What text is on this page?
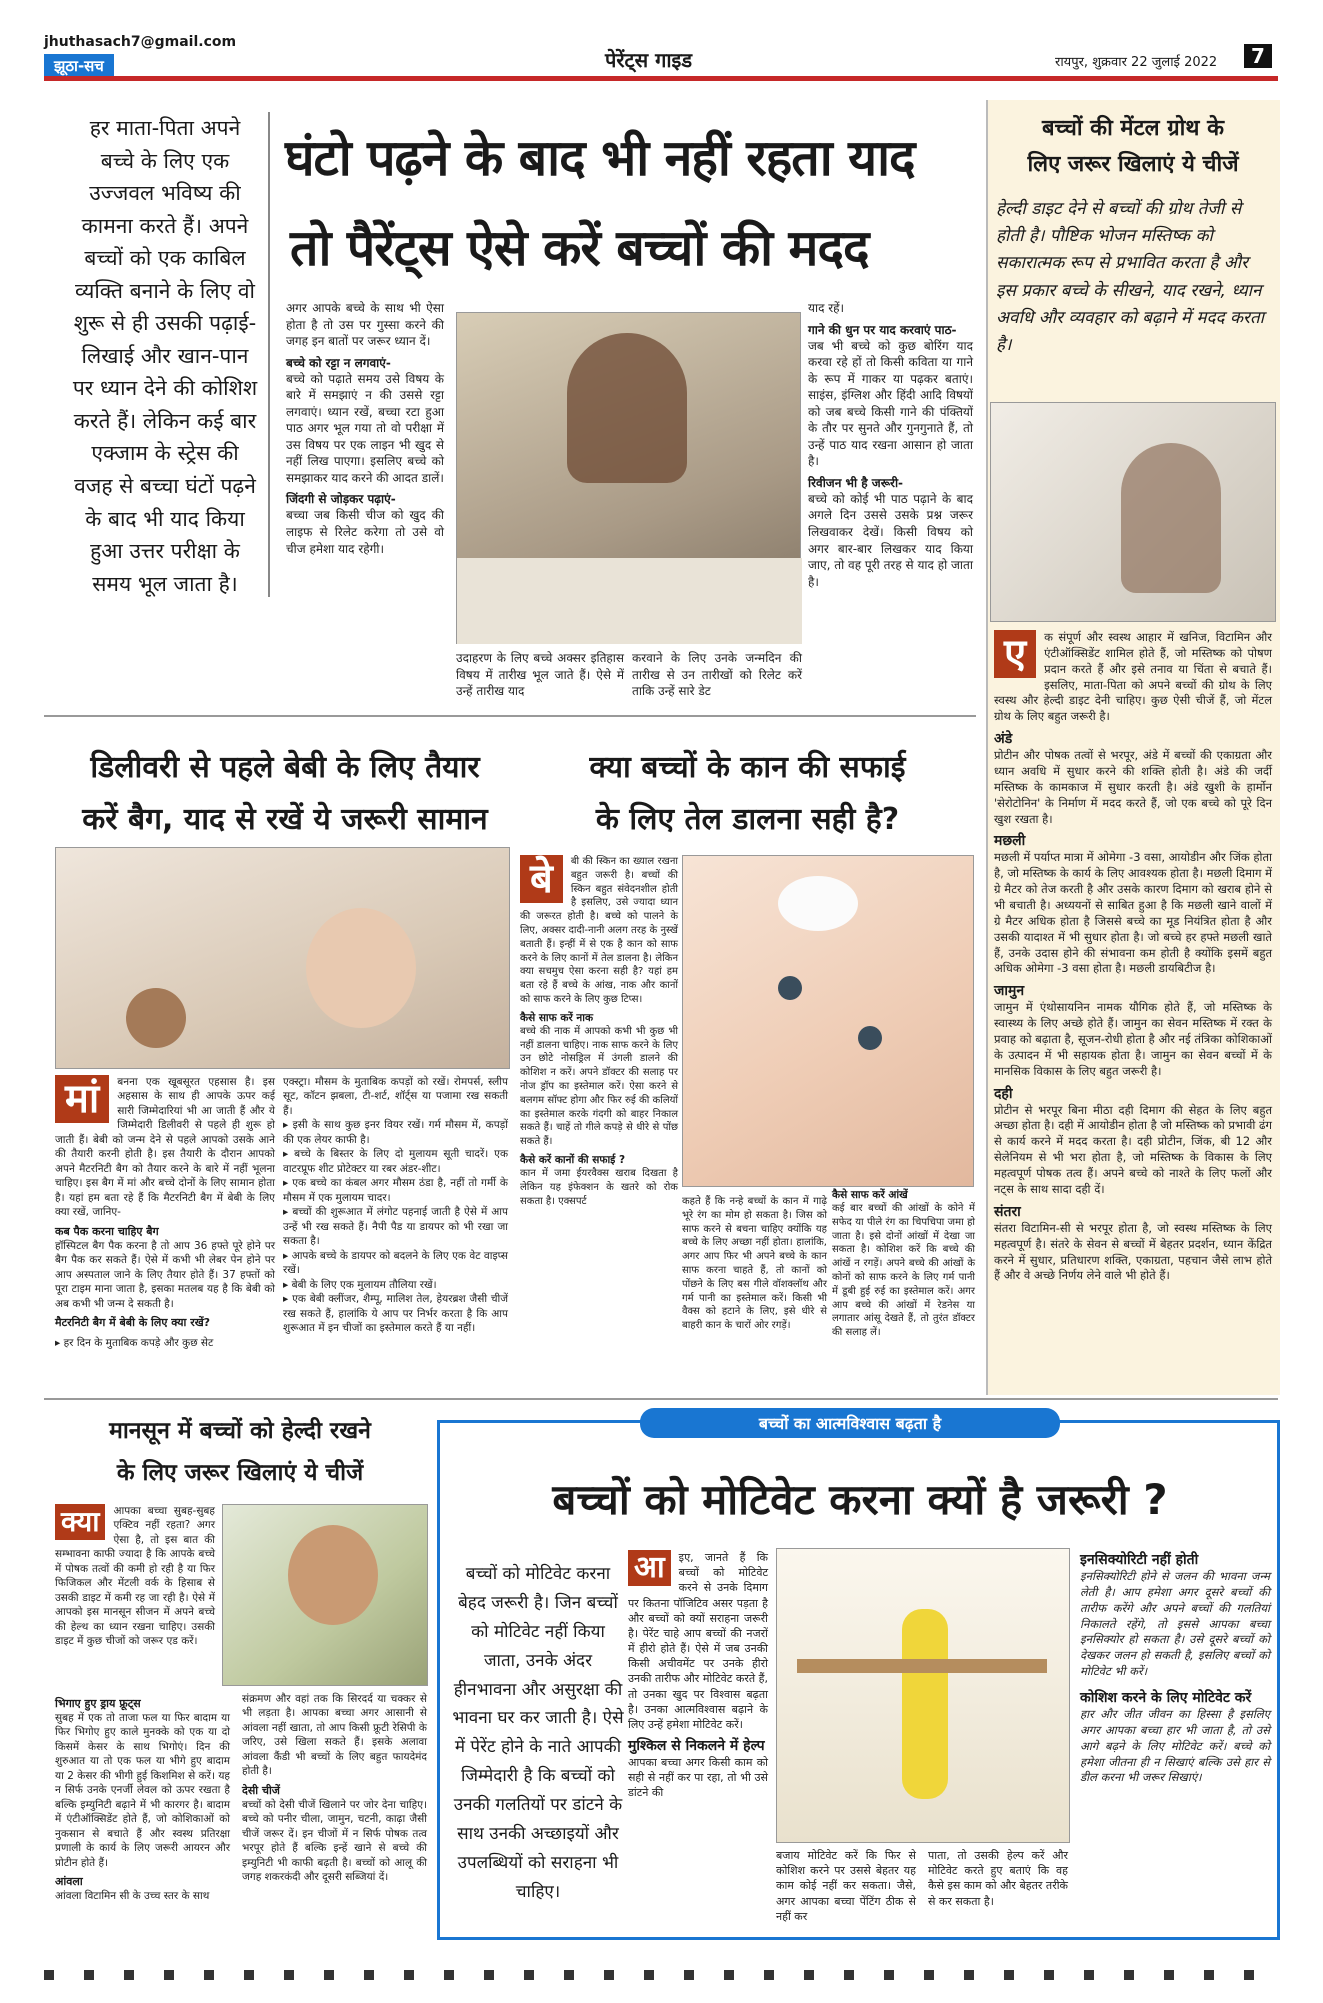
jhuthasach7@gmail.com
झूठा-सच	पेरेंट्स गाइड	रायपुर, शुक्रवार 22 जुलाई 2022	7
हर माता-पिता अपने बच्चे के लिए एक उज्जवल भविष्य की कामना करते हैं। अपने बच्चों को एक काबिल व्यक्ति बनाने के लिए वो शुरू से ही उसकी पढ़ाई-लिखाई और खान-पान पर ध्यान देने की कोशिश करते हैं। लेकिन कई बार एक्जाम के स्ट्रेस की वजह से बच्चा घंटों पढ़ने के बाद भी याद किया हुआ उत्तर परीक्षा के समय भूल जाता है।
घंटो पढ़ने के बाद भी नहीं रहता याद
तो पैरेंट्स ऐसे करें बच्चों की मदद

अगर आपके बच्चे के साथ भी ऐसा होता है तो उस पर गुस्सा करने की जगह इन बातों पर जरूर ध्यान दें।

बच्चे को रट्टा न लगवाएं-

बच्चे को पढ़ाते समय उसे विषय के बारे में समझाएं न की उससे रट्टा लगवाएं। ध्यान रखें, बच्चा रटा हुआ पाठ अगर भूल गया तो वो परीक्षा में उस विषय पर एक लाइन भी खुद से नहीं लिख पाएगा। इसलिए बच्चे को समझाकर याद करने की आदत डालें।

जिंदगी से जोड़कर पढ़ाएं-

बच्चा जब किसी चीज को खुद की लाइफ से रिलेट करेगा तो उसे वो चीज हमेशा याद रहेगी।

उदाहरण के लिए बच्चे अक्सर इतिहास विषय में तारीख भूल जाते हैं। ऐसे में उन्हें तारीख याद
करवाने के लिए उनके जन्मदिन की तारीख से उन तारीखों को रिलेट करें ताकि उन्हें सारे डेट

याद रहें।

गाने की धुन पर याद करवाएं पाठ-

जब भी बच्चे को कुछ बोरिंग याद करवा रहे हों तो किसी कविता या गाने के रूप में गाकर या पढ़कर बताएं। साइंस, इंग्लिश और हिंदी आदि विषयों को जब बच्चे किसी गाने की पंक्तियों के तौर पर सुनते और गुनगुनाते हैं, तो उन्हें पाठ याद रखना आसान हो जाता है।

रिवीजन भी है जरूरी-

बच्चे को कोई भी पाठ पढ़ाने के बाद अगले दिन उससे उसके प्रश्न जरूर लिखवाकर देखें। किसी विषय को अगर बार-बार लिखकर याद किया जाए, तो वह पूरी तरह से याद हो जाता है।

बच्चों की मेंटल ग्रोथ के
लिए जरूर खिलाएं ये चीजें
हेल्दी डाइट देने से बच्चों की ग्रोथ तेजी से होती है। पौष्टिक भोजन मस्तिष्क को सकारात्मक रूप से प्रभावित करता है और इस प्रकार बच्चे के सीखने, याद रखने, ध्यान अवधि और व्यवहार को बढ़ाने में मदद करता है।
ए	क संपूर्ण और स्वस्थ आहार में खनिज, विटामिन और एंटीऑक्सिडेंट शामिल होते हैं, जो मस्तिष्क को पोषण प्रदान करते हैं और इसे तनाव या चिंता से बचाते हैं। इसलिए, माता-पिता को अपने बच्चों की ग्रोथ के लिए स्वस्थ और हेल्दी डाइट देनी चाहिए। कुछ ऐसी चीजें हैं, जो मेंटल ग्रोथ के लिए बहुत जरूरी है।

अंडे

प्रोटीन और पोषक तत्वों से भरपूर, अंडे में बच्चों की एकाग्रता और ध्यान अवधि में सुधार करने की शक्ति होती है। अंडे की जर्दी मस्तिष्क के कामकाज में सुधार करती है। अंडे खुशी के हार्मोन 'सेरोटोनिन' के निर्माण में मदद करते हैं, जो एक बच्चे को पूरे दिन खुश रखता है।

मछली

मछली में पर्याप्त मात्रा में ओमेगा -3 वसा, आयोडीन और जिंक होता है, जो मस्तिष्क के कार्य के लिए आवश्यक होता है। मछली दिमाग में ग्रे मैटर को तेज करती है और उसके कारण दिमाग को खराब होने से भी बचाती है। अध्ययनों से साबित हुआ है कि मछली खाने वालों में ग्रे मैटर अधिक होता है जिससे बच्चे का मूड नियंत्रित होता है और उसकी यादाश्त में भी सुधार होता है। जो बच्चे हर हफ्ते मछली खाते हैं, उनके उदास होने की संभावना कम होती है क्योंकि इसमें बहुत अधिक ओमेगा -3 वसा होता है। मछली डायबिटीज है।

जामुन

जामुन में एंथोसायनिन नामक यौगिक होते हैं, जो मस्तिष्क के स्वास्थ्य के लिए अच्छे होते हैं। जामुन का सेवन मस्तिष्क में रक्त के प्रवाह को बढ़ाता है, सूजन-रोधी होता है और नई तंत्रिका कोशिकाओं के उत्पादन में भी सहायक होता है। जामुन का सेवन बच्चों में के मानसिक विकास के लिए बहुत जरूरी है।

दही

प्रोटीन से भरपूर बिना मीठा दही दिमाग की सेहत के लिए बहुत अच्छा होता है। दही में आयोडीन होता है जो मस्तिष्क को प्रभावी ढंग से कार्य करने में मदद करता है। दही प्रोटीन, जिंक, बी 12 और सेलेनियम से भी भरा होता है, जो मस्तिष्क के विकास के लिए महत्वपूर्ण पोषक तत्व हैं। अपने बच्चे को नाश्ते के लिए फलों और नट्स के साथ सादा दही दें।

संतरा

संतरा विटामिन-सी से भरपूर होता है, जो स्वस्थ मस्तिष्क के लिए महत्वपूर्ण है। संतरे के सेवन से बच्चों में बेहतर प्रदर्शन, ध्यान केंद्रित करने में सुधार, प्रतिधारण शक्ति, एकाग्रता, पहचान जैसे लाभ होते हैं और वे अच्छे निर्णय लेने वाले भी होते हैं।

डिलीवरी से पहले बेबी के लिए तैयार
करें बैग, याद से रखें ये जरूरी सामान
मां	बनना एक खूबसूरत एहसास है। इस अहसास के साथ ही आपके ऊपर कई सारी जिम्मेदारियां भी आ जाती हैं और ये जिम्मेदारी डिलीवरी से पहले ही शुरू हो जाती हैं। बेबी को जन्म देने से पहले आपको उसके आने की तैयारी करनी होती है। इस तैयारी के दौरान आपको अपने मैटरनिटी बैग को तैयार करने के बारे में नहीं भूलना चाहिए। इस बैग में मां और बच्चे दोनों के लिए सामान होता है। यहां हम बता रहे हैं कि मैटरनिटी बैग में बेबी के लिए क्या रखें, जानिए-

कब पैक करना चाहिए बैग

हॉस्पिटल बैग पैक करना है तो आप 36 हफ्ते पूरे होने पर बैग पैक कर सकते हैं। ऐसे में कभी भी लेबर पेन होने पर आप अस्पताल जाने के लिए तैयार होते हैं। 37 हफ्तों को पूरा टाइम माना जाता है, इसका मतलब यह है कि बेबी को अब कभी भी जन्म दे सकती है।

मैटरनिटी बैग में बेबी के लिए क्या रखें?

▸ हर दिन के मुताबिक कपड़े और कुछ सेट

एक्स्ट्रा। मौसम के मुताबिक कपड़ों को रखें। रोमपर्स, स्लीप सूट, कॉटन झबला, टी-शर्ट, शॉर्ट्स या पजामा रख सकती हैं।

▸ इसी के साथ कुछ इनर वियर रखें। गर्म मौसम में, कपड़ों की एक लेयर काफी है।

▸ बच्चे के बिस्तर के लिए दो मुलायम सूती चादरें। एक वाटरप्रूफ शीट प्रोटेक्टर या रबर अंडर-शीट।

▸ एक बच्चे का कंबल अगर मौसम ठंडा है, नहीं तो गर्मी के मौसम में एक मुलायम चादर।

▸ बच्चों की शुरूआत में लंगोट पहनाई जाती है ऐसे में आप उन्हें भी रख सकते हैं। नैपी पैड या डायपर को भी रखा जा सकता है।

▸ आपके बच्चे के डायपर को बदलने के लिए एक वेट वाइप्स रखें।

▸ बेबी के लिए एक मुलायम तौलिया रखें।

▸ एक बेबी क्लींजर, शैम्पू, मालिश तेल, हेयरब्रश जैसी चीजें रख सकते हैं, हालांकि ये आप पर निर्भर करता है कि आप शुरूआत में इन चीजों का इस्तेमाल करते हैं या नहीं।

क्या बच्चों के कान की सफाई
के लिए तेल डालना सही है?
बे	बी की स्किन का ख्याल रखना बहुत जरूरी है। बच्चों की स्किन बहुत संवेदनशील होती है इसलिए, उसे ज्यादा ध्यान की जरूरत होती है। बच्चे को पालने के लिए, अक्सर दादी-नानी अलग तरह के नुस्खें बताती हैं। इन्हीं में से एक है कान को साफ करने के लिए कानों में तेल डालना है। लेकिन क्या सचमुच ऐसा करना सही है? यहां हम बता रहे हैं बच्चे के आंख, नाक और कानों को साफ करने के लिए कुछ टिप्स।

कैसे साफ करें नाक

बच्चे की नाक में आपको कभी भी कुछ भी नहीं डालना चाहिए। नाक साफ करने के लिए उन छोटे नोसड्रिल में उंगली डालने की कोशिश न करें। अपने डॉक्टर की सलाह पर नोज ड्रॉप का इस्तेमाल करें। ऐसा करने से बलगम सॉफ्ट होगा और फिर रुई की कलियों का इस्तेमाल करके गंदगी को बाहर निकाल सकते हैं। चाहें तो गीले कपड़े से धीरे से पोंछ सकते हैं।

कैसे करें कानों की सफाई ?

कान में जमा ईयरवैक्स खराब दिखता है लेकिन यह इंफेक्शन के खतरे को रोक सकता है। एक्सपर्ट	कहते हैं कि नन्हे बच्चों के कान में गाढ़े भूरे रंग का मोम हो सकता है। जिस को साफ करने से बचना चाहिए क्योंकि यह बच्चे के लिए अच्छा नहीं होता। हालांकि, अगर आप फिर भी अपने बच्चे के कान साफ करना चाहते हैं, तो कानों को पोंछने के लिए बस गीले वॉशक्लॉथ और गर्म पानी का इस्तेमाल करें। किसी भी वैक्स को हटाने के लिए, इसे धीरे से बाहरी कान के चारों ओर रगड़ें।

कैसे साफ करें आंखें

कई बार बच्चों की आंखों के कोने में सफेद या पीले रंग का चिपचिपा जमा हो जाता है। इसे दोनों आंखों में देखा जा सकता है। कोशिश करें कि बच्चे की आंखें न रगड़ें। अपने बच्चे की आंखों के कोनों को साफ करने के लिए गर्म पानी में डूबी हुई रुई का इस्तेमाल करें। अगर आप बच्चे की आंखों में रेडनेस या लगातार आंसू देखते हैं, तो तुरंत डॉक्टर की सलाह लें।

मानसून में बच्चों को हेल्दी रखने
के लिए जरूर खिलाएं ये चीजें
क्या	आपका बच्चा सुबह-सुबह एक्टिव नहीं रहता? अगर ऐसा है, तो इस बात की सम्भावना काफी ज्यादा है कि आपके बच्चे में पोषक तत्वों की कमी हो रही है या फिर फिजिकल और मेंटली वर्क के हिसाब से उसकी डाइट में कमी रह जा रही है। ऐसे में आपको इस मानसून सीजन में अपने बच्चे की हेल्थ का ध्यान रखना चाहिए। उसकी डाइट में कुछ चीजों को जरूर एड करें।

भिगाए हुए ड्राय फ्रूट्स

सुबह में एक तो ताजा फल या फिर बादाम या फिर भिगोए हुए काले मुनक्के को एक या दो किसमें केसर के साथ भिगोएं। दिन की शुरुआत या तो एक फल या भीगे हुए बादाम या 2 केसर की भीगी हुई किशमिश से करें। यह न सिर्फ उनके एनर्जी लेवल को ऊपर रखता है बल्कि इम्युनिटी बढ़ाने में भी कारगर है। बादाम में एंटीऑक्सिडेंट होते हैं, जो कोशिकाओं को नुकसान से बचाते हैं और स्वस्थ प्रतिरक्षा प्रणाली के कार्य के लिए जरूरी आयरन और प्रोटीन होते हैं।

आंवला

आंवला विटामिन सी के उच्च स्तर के साथ

संक्रमण और वहां तक कि सिरदर्द या चक्कर से भी लड़ता है। आपका बच्चा अगर आसानी से आंवला नहीं खाता, तो आप किसी फ्रूटी रेसिपी के जरिए, उसे खिला सकते हैं। इसके अलावा आंवला कैंडी भी बच्चों के लिए बहुत फायदेमंद होती है।

देसी चीजें

बच्चों को देसी चीजें खिलाने पर जोर देना चाहिए। बच्चे को पनीर चीला, जामुन, चटनी, काढ़ा जैसी चीजें जरूर दें। इन चीजों में न सिर्फ पोषक तत्व भरपूर होते हैं बल्कि इन्हें खाने से बच्चे की इम्युनिटी भी काफी बढ़ती है। बच्चों को आलू की जगह शकरकंदी और दूसरी सब्जियां दें।

बच्चों का आत्मविश्वास बढ़ता है
बच्चों को मोटिवेट करना क्यों है जरूरी ?
बच्चों को मोटिवेट करना बेहद जरूरी है। जिन बच्चों को मोटिवेट नहीं किया जाता, उनके अंदर हीनभावना और असुरक्षा की भावना घर कर जाती है। ऐसे में पेरेंट होने के नाते आपकी जिम्मेदारी है कि बच्चों को उनकी गलतियों पर डांटने के साथ उनकी अच्छाइयों और उपलब्धियों को सराहना भी चाहिए।
आ	इए, जानते हैं कि बच्चों को मोटिवेट करने से उनके दिमाग पर कितना पॉजिटिव असर पड़ता है और बच्चों को क्यों सराहना जरूरी है। पेरेंट चाहे आप बच्चों की नजरों में हीरो होते हैं। ऐसे में जब उनकी किसी अचीवमेंट पर उनके हीरो उनकी तारीफ और मोटिवेट करते हैं, तो उनका खुद पर विश्वास बढ़ता है। उनका आत्मविश्वास बढ़ाने के लिए उन्हें हमेशा मोटिवेट करें।

मुश्किल से निकलने में हेल्प

आपका बच्चा अगर किसी काम को सही से नहीं कर पा रहा, तो भी उसे डांटने की

बजाय मोटिवेट करें कि फिर से कोशिश करने पर उससे बेहतर यह काम कोई नहीं कर सकता। जैसे, अगर आपका बच्चा पेंटिंग ठीक से नहीं कर
पाता, तो उसकी हेल्प करें और मोटिवेट करते हुए बताएं कि वह कैसे इस काम को और बेहतर तरीके से कर सकता है।

इनसिक्योरिटी नहीं होती

इनसिक्योरिटी होने से जलन की भावना जन्म लेती है। आप हमेशा अगर दूसरे बच्चों की तारीफ करेंगे और अपने बच्चों की गलतियां निकालते रहेंगे, तो इससे आपका बच्चा इनसिक्योर हो सकता है। उसे दूसरे बच्चों को देखकर जलन हो सकती है, इसलिए बच्चों को मोटिवेट भी करें।

कोशिश करने के लिए मोटिवेट करें

हार और जीत जीवन का हिस्सा है इसलिए अगर आपका बच्चा हार भी जाता है, तो उसे आगे बढ़ने के लिए मोटिवेट करें। बच्चे को हमेशा जीतना ही न सिखाएं बल्कि उसे हार से डील करना भी जरूर सिखाएं।
